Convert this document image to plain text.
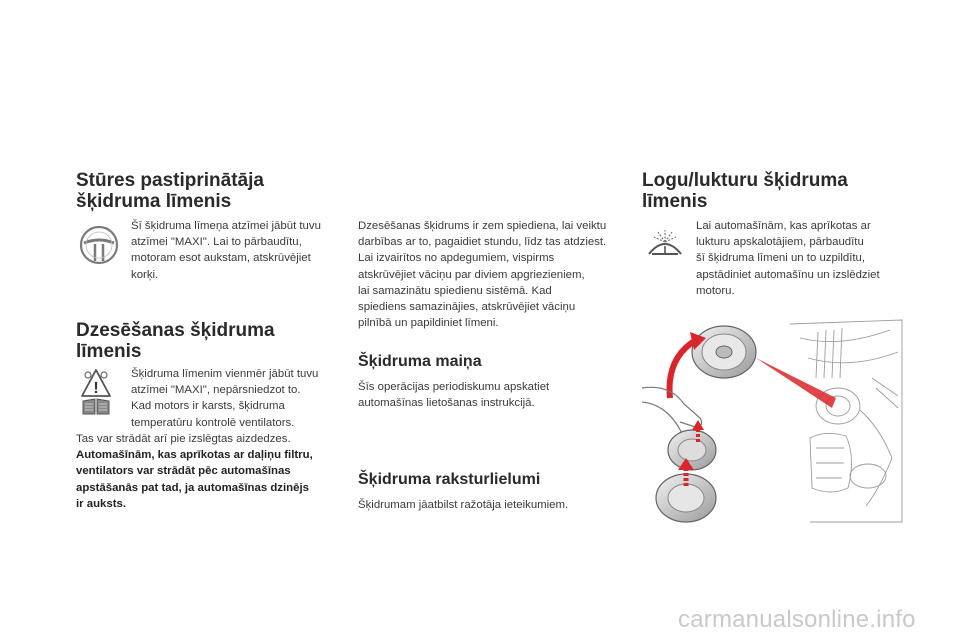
Stūres pastiprinātāja
šķidruma līmenis

Šī šķidruma līmeņa atzīmei jābūt tuvu

atzīmei "MAXI". Lai to pārbaudītu,

motoram esot aukstam, atskrūvējiet

korķi.

Dzesēšanas šķidruma
līmenis
!

Šķidruma līmenim vienmēr jābūt tuvu

atzīmei "MAXI", nepārsniedzot to.

Kad motors ir karsts, šķidruma

temperatūru kontrolē ventilators.

Tas var strādāt arī pie izslēgtas aizdedzes.

Automašīnām, kas aprīkotas ar daļiņu filtru,

ventilators var strādāt pēc automašīnas

apstāšanās pat tad, ja automašīnas dzinējs

ir auksts.

Dzesēšanas šķidrums ir zem spiediena, lai veiktu

darbības ar to, pagaidiet stundu, līdz tas atdziest.

Lai izvairītos no apdegumiem, vispirms

atskrūvējiet vāciņu par diviem apgriezieniem,

lai samazinātu spiedienu sistēmā. Kad

spiediens samazinājies, atskrūvējiet vāciņu

pilnībā un papildiniet līmeni.

Šķidruma maiņa

Šīs operācijas periodiskumu apskatiet

automašīnas lietošanas instrukcijā.

Šķidruma raksturlielumi

Šķidrumam jāatbilst ražotāja ieteikumiem.

Logu/lukturu šķidruma
līmenis

Lai automašīnām, kas aprīkotas ar

lukturu apskalotājiem, pārbaudītu

šī šķidruma līmeni un to uzpildītu,

apstādiniet automašīnu un izslēdziet

motoru.

carmanualsonline.info
